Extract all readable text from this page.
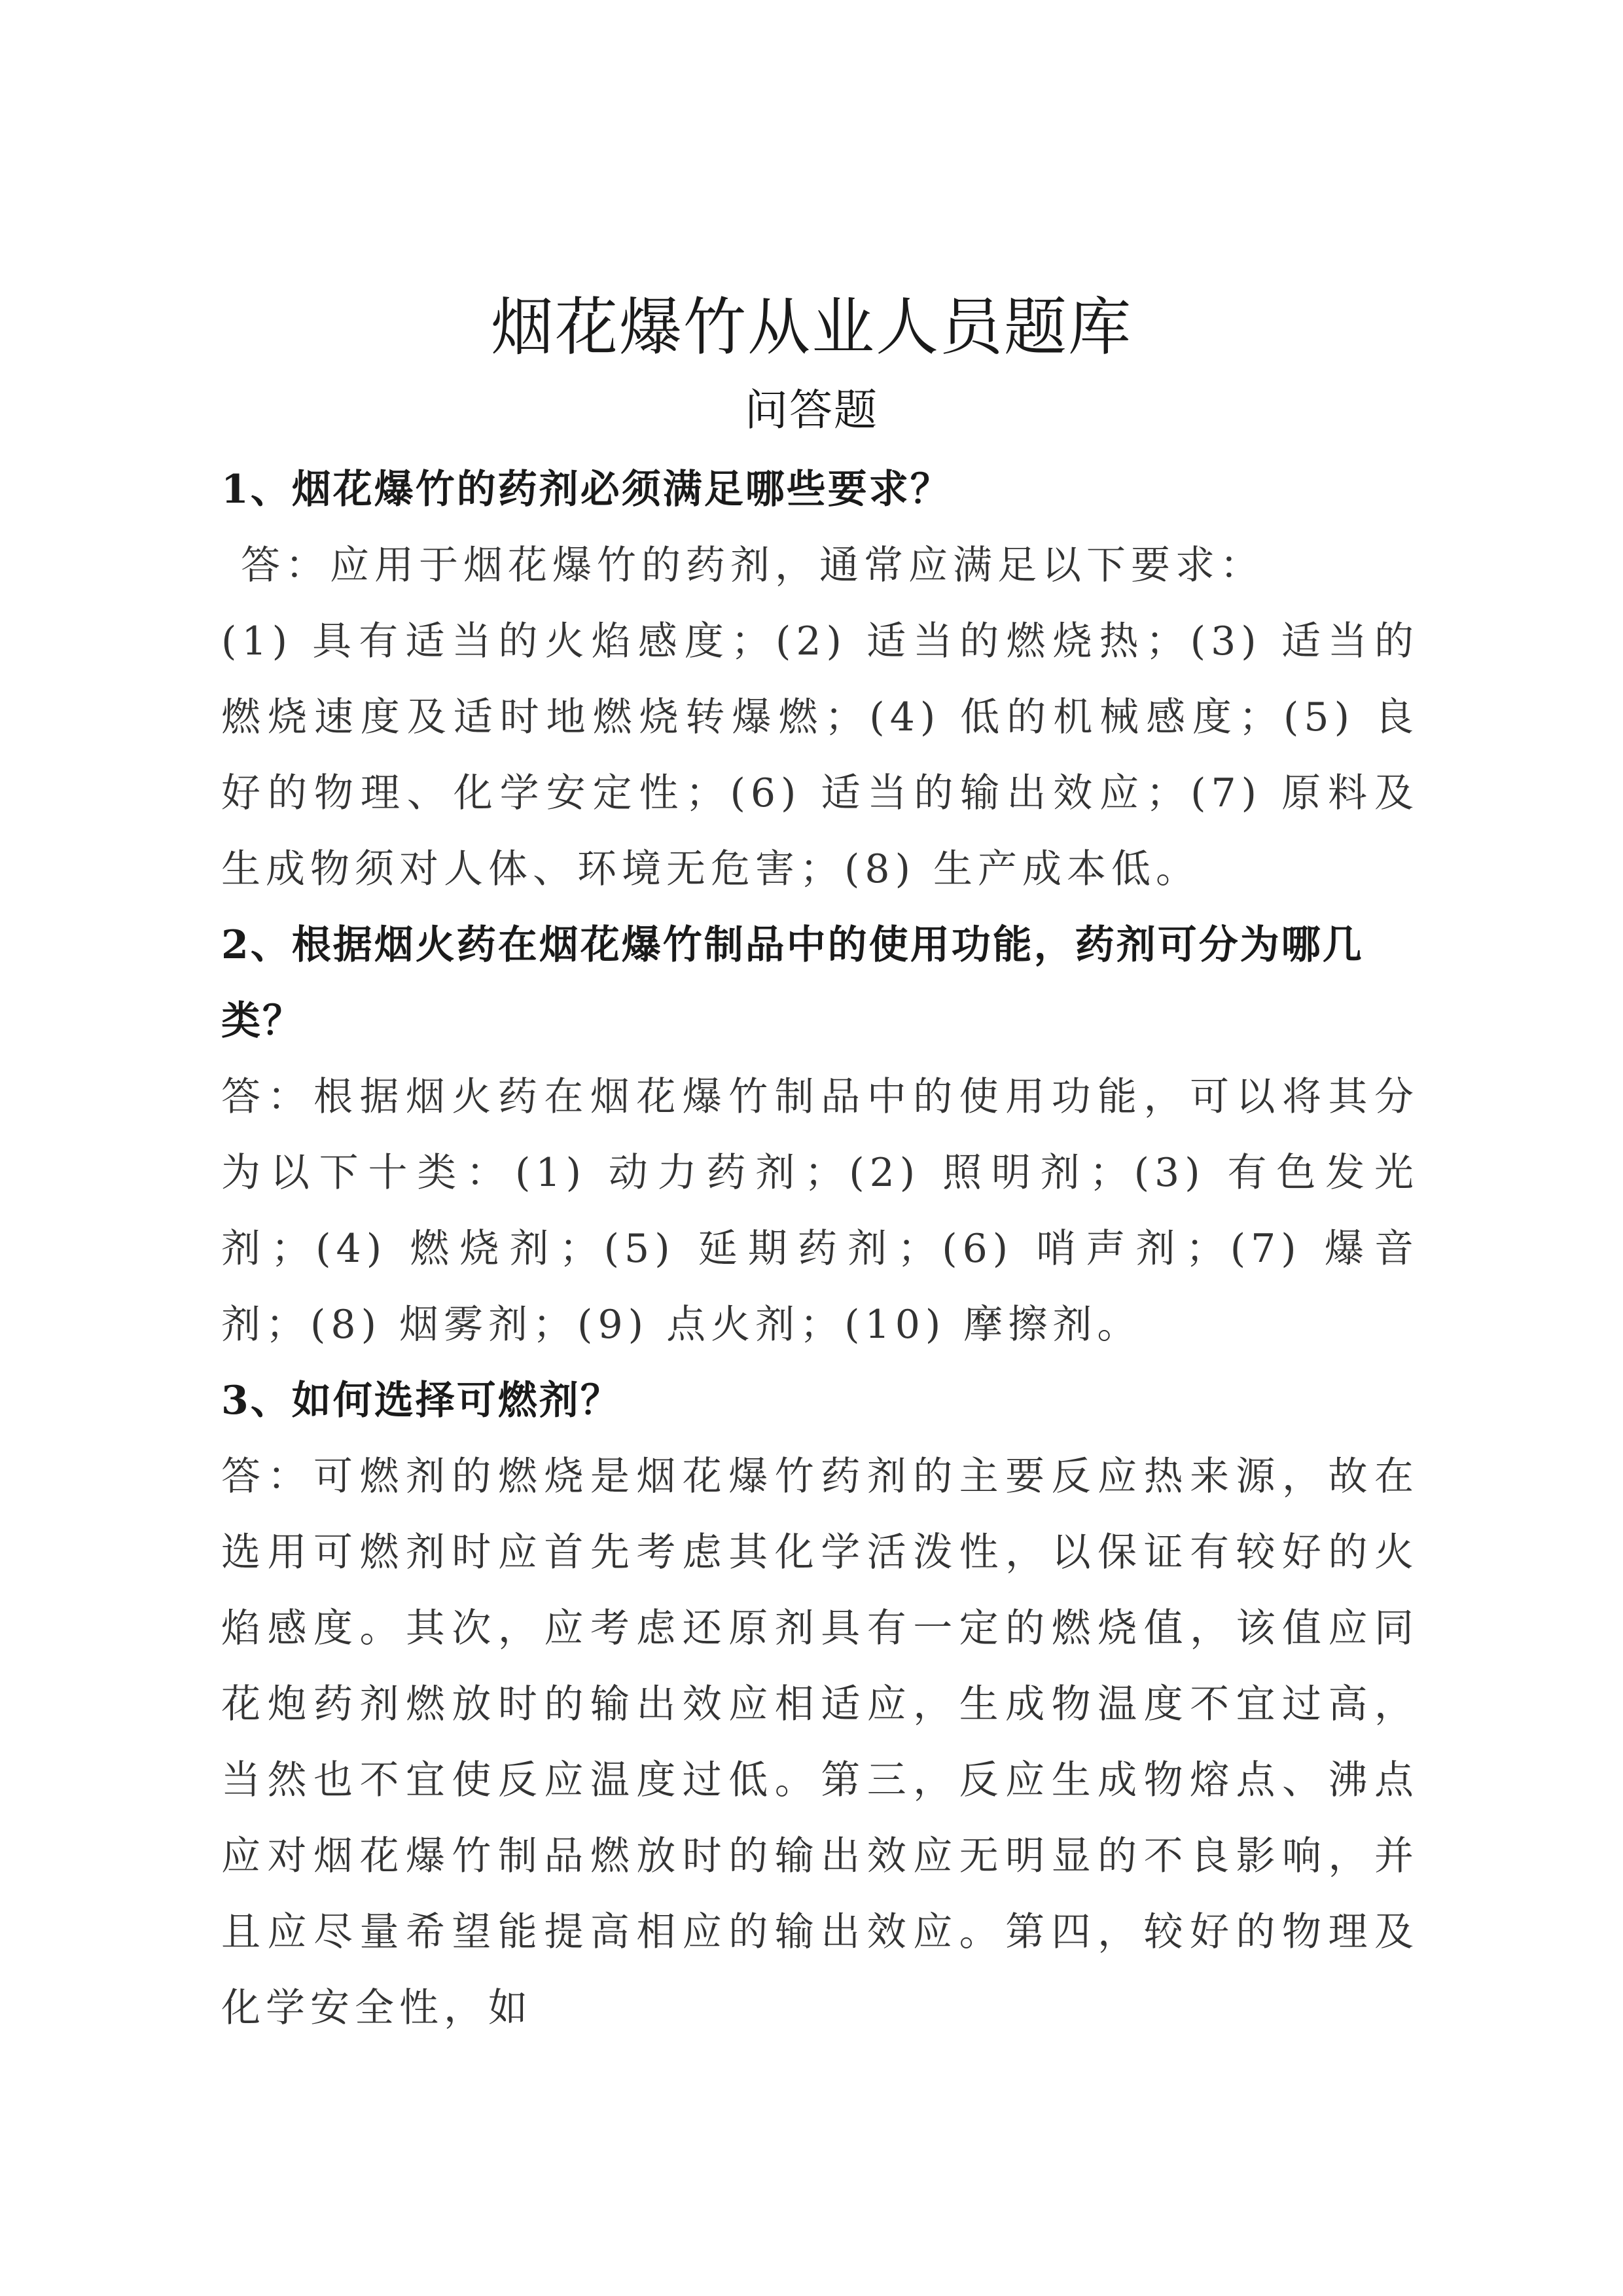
烟花爆竹从业人员题库
问答题

1、烟花爆竹的药剂必须满足哪些要求？

答：应用于烟花爆竹的药剂，通常应满足以下要求：

(1) 具有适当的火焰感度；(2) 适当的燃烧热；(3) 适当的燃烧速度及适时地燃烧转爆燃；(4) 低的机械感度；(5) 良好的物理、化学安定性；(6) 适当的输出效应；(7) 原料及生成物须对人体、环境无危害；(8) 生产成本低。

2、根据烟火药在烟花爆竹制品中的使用功能，药剂可分为哪几类？

答：根据烟火药在烟花爆竹制品中的使用功能，可以将其分为以下十类：(1) 动力药剂；(2) 照明剂；(3) 有色发光剂；(4) 燃烧剂；(5) 延期药剂；(6) 哨声剂；(7) 爆音剂；(8) 烟雾剂；(9) 点火剂；(10) 摩擦剂。

3、如何选择可燃剂？

答：可燃剂的燃烧是烟花爆竹药剂的主要反应热来源，故在选用可燃剂时应首先考虑其化学活泼性，以保证有较好的火焰感度。其次，应考虑还原剂具有一定的燃烧值，该值应同花炮药剂燃放时的输出效应相适应，生成物温度不宜过高，当然也不宜使反应温度过低。第三，反应生成物熔点、沸点应对烟花爆竹制品燃放时的输出效应无明显的不良影响，并且应尽量希望能提高相应的输出效应。第四，较好的物理及化学安全性，如
